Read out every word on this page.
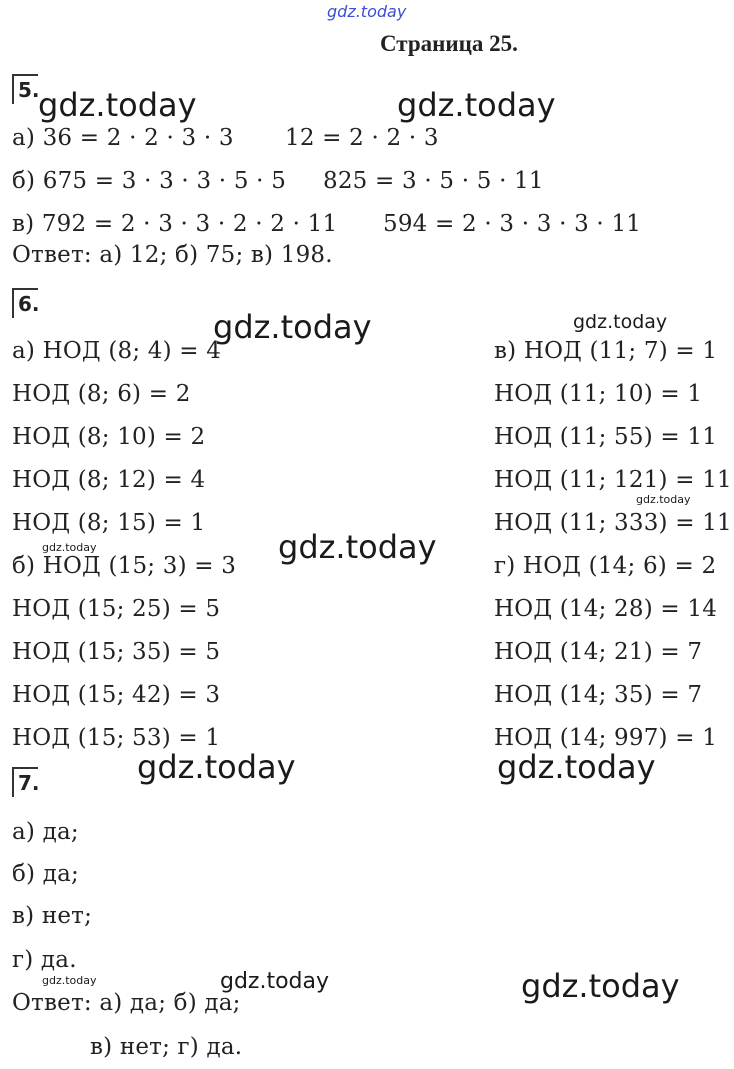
gdz.today
Страница 25.
5.
gdz.today	gdz.today
а) 36 = 2 · 2 · 3 · 3 12 = 2 · 2 · 3
б) 675 = 3 · 3 · 3 · 5 · 5 825 = 3 · 5 · 5 · 11
в) 792 = 2 · 3 · 3 · 2 · 2 · 11 594 = 2 · 3 · 3 · 3 · 11
Ответ: а) 12; б) 75; в) 198.
6.
gdz.today	gdz.today
gdz.today
gdz.today	gdz.today
а) НОД (8; 4) = 4
НОД (8; 6) = 2
НОД (8; 10) = 2
НОД (8; 12) = 4
НОД (8; 15) = 1
б) НОД (15; 3) = 3
НОД (15; 25) = 5
НОД (15; 35) = 5
НОД (15; 42) = 3
НОД (15; 53) = 1
в) НОД (11; 7) = 1
НОД (11; 10) = 1
НОД (11; 55) = 11
НОД (11; 121) = 11
НОД (11; 333) = 11
г) НОД (14; 6) = 2
НОД (14; 28) = 14
НОД (14; 21) = 7
НОД (14; 35) = 7
НОД (14; 997) = 1
7.	gdz.today	gdz.today
а) да;
б) да;
в) нет;
г) да.
gdz.today	gdz.today	gdz.today
Ответ: а) да; б) да;
в) нет; г) да.
